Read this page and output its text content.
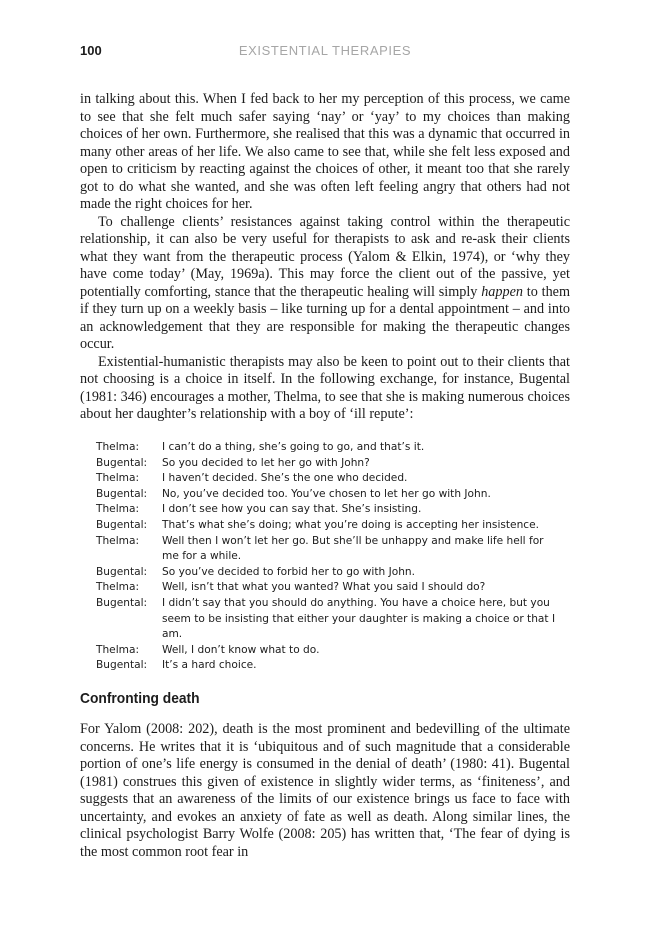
100	EXISTENTIAL THERAPIES

in talking about this. When I fed back to her my perception of this process, we came to see that she felt much safer saying ‘nay’ or ‘yay’ to my choices than making choices of her own. Furthermore, she realised that this was a dynamic that occurred in many other areas of her life. We also came to see that, while she felt less exposed and open to criticism by reacting against the choices of other, it meant too that she rarely got to do what she wanted, and she was often left feeling angry that others had not made the right choices for her.

To challenge clients’ resistances against taking control within the therapeutic relationship, it can also be very useful for therapists to ask and re-ask their clients what they want from the therapeutic process (Yalom & Elkin, 1974), or ‘why they have come today’ (May, 1969a). This may force the client out of the passive, yet potentially comforting, stance that the therapeutic healing will simply happen to them if they turn up on a weekly basis – like turning up for a dental appointment – and into an acknowledgement that they are responsible for making the therapeutic changes occur.

Existential-humanistic therapists may also be keen to point out to their clients that not choosing is a choice in itself. In the following exchange, for instance, Bugental (1981: 346) encourages a mother, Thelma, to see that she is making numerous choices about her daughter’s relationship with a boy of ‘ill repute’:

Thelma:	I can’t do a thing, she’s going to go, and that’s it.
Bugental:	So you decided to let her go with John?
Thelma:	I haven’t decided. She’s the one who decided.
Bugental:	No, you’ve decided too. You’ve chosen to let her go with John.
Thelma:	I don’t see how you can say that. She’s insisting.
Bugental:	That’s what she’s doing; what you’re doing is accepting her insistence.
Thelma:	Well then I won’t let her go. But she’ll be unhappy and make life hell for me for a while.
Bugental:	So you’ve decided to forbid her to go with John.
Thelma:	Well, isn’t that what you wanted? What you said I should do?
Bugental:	I didn’t say that you should do anything. You have a choice here, but you seem to be insisting that either your daughter is making a choice or that I am.
Thelma:	Well, I don’t know what to do.
Bugental:	It’s a hard choice.
Confronting death

For Yalom (2008: 202), death is the most prominent and bedevilling of the ultimate concerns. He writes that it is ‘ubiquitous and of such magnitude that a considerable portion of one’s life energy is consumed in the denial of death’ (1980: 41). Bugental (1981) construes this given of existence in slightly wider terms, as ‘finiteness’, and suggests that an awareness of the limits of our existence brings us face to face with uncertainty, and evokes an anxiety of fate as well as death. Along similar lines, the clinical psychologist Barry Wolfe (2008: 205) has written that, ‘The fear of dying is the most common root fear in
